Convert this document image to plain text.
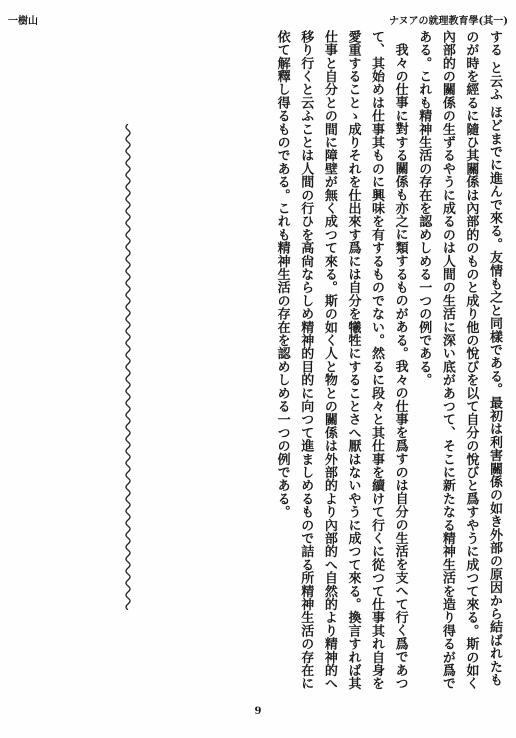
ナヌアの就理教育學(其一)
一樹山

する と云ふ ほどまでに進んで來る。友情も之と同樣である。最初は利害關係の如き外部の原因から結ばれたものが時を經るに隨ひ其關係は內部的のものと成り他の悅びを以て自分の悅びと爲すやうに成つて來る。斯の如く內部的の關係の生ずるやうに成るのは人間の生活に深い底があつて、そこに新たなる精神生活を造り得るが爲である。これも精神生活の存在を認めしめる一つの例である。

我々の仕事に對する關係も亦之に類するものがある。我々の仕事を爲すのは自分の生活を支へて行く爲であつて、其始めは仕事其ものに興味を有するものでない。然るに段々と其仕事を續けて行くに從つて仕事其れ自身を愛重することゝ成りそれを仕出來す爲には自分を犧牲にすることさへ厭はないやうに成つて來る。換言すれば其仕事と自分との間に障壁が無く成つて來る。斯の如く人と物との關係は外部的より內部的へ自然的より精神的へ移り行くと云ふことは人間の行ひを高尙ならしめ精神的目的に向つて進ましめるもので詰る所精神生活の存在に依て解釋し得るものである。これも精神生活の存在を認めしめる一つの例である。

9
